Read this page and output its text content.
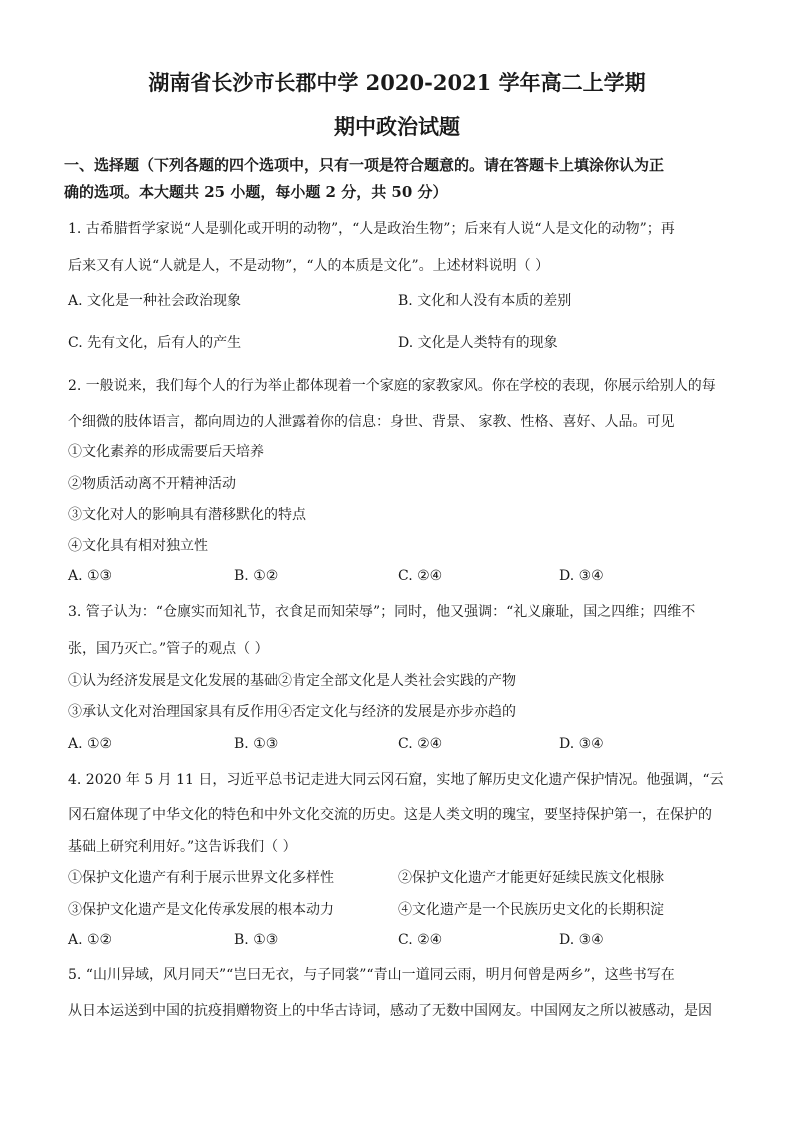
湖南省长沙市长郡中学 2020-2021 学年高二上学期
期中政治试题
一、选择题（下列各题的四个选项中，只有一项是符合题意的。请在答题卡上填涂你认为正
确的选项。本大题共 25 小题，每小题 2 分，共 50 分）
1. 古希腊哲学家说“人是驯化或开明的动物”，“人是政治生物”；后来有人说“人是文化的动物”；再
后来又有人说“人就是人，不是动物”，“人的本质是文化”。上述材料说明（ ）
A. 文化是一种社会政治现象	B. 文化和人没有本质的差别
C. 先有文化，后有人的产生	D. 文化是人类特有的现象
2. 一般说来，我们每个人的行为举止都体现着一个家庭的家教家风。你在学校的表现，你展示给别人的每
个细微的肢体语言，都向周边的人泄露着你的信息：身世、背景、 家教、性格、喜好、人品。可见
①文化素养的形成需要后天培养
②物质活动离不开精神活动
③文化对人的影响具有潜移默化的特点
④文化具有相对独立性
A. ①③	B. ①②	C. ②④	D. ③④
3. 管子认为：“仓廪实而知礼节，衣食足而知荣辱”；同时，他又强调：“礼义廉耻，国之四维；四维不
张，国乃灭亡。”管子的观点（ ）
①认为经济发展是文化发展的基础②肯定全部文化是人类社会实践的产物
③承认文化对治理国家具有反作用④否定文化与经济的发展是亦步亦趋的
A. ①②	B. ①③	C. ②④	D. ③④
4. 2020 年 5 月 11 日，习近平总书记走进大同云冈石窟，实地了解历史文化遗产保护情况。他强调，“云
冈石窟体现了中华文化的特色和中外文化交流的历史。这是人类文明的瑰宝，要坚持保护第一，在保护的
基础上研究利用好。”这告诉我们（ ）
①保护文化遗产有利于展示世界文化多样性	②保护文化遗产才能更好延续民族文化根脉
③保护文化遗产是文化传承发展的根本动力	④文化遗产是一个民族历史文化的长期积淀
A. ①②	B. ①③	C. ②④	D. ③④
5. “山川异域，风月同天”“岂曰无衣，与子同裳”“青山一道同云雨，明月何曾是两乡”，这些书写在
从日本运送到中国的抗疫捐赠物资上的中华古诗词，感动了无数中国网友。中国网友之所以被感动，是因
